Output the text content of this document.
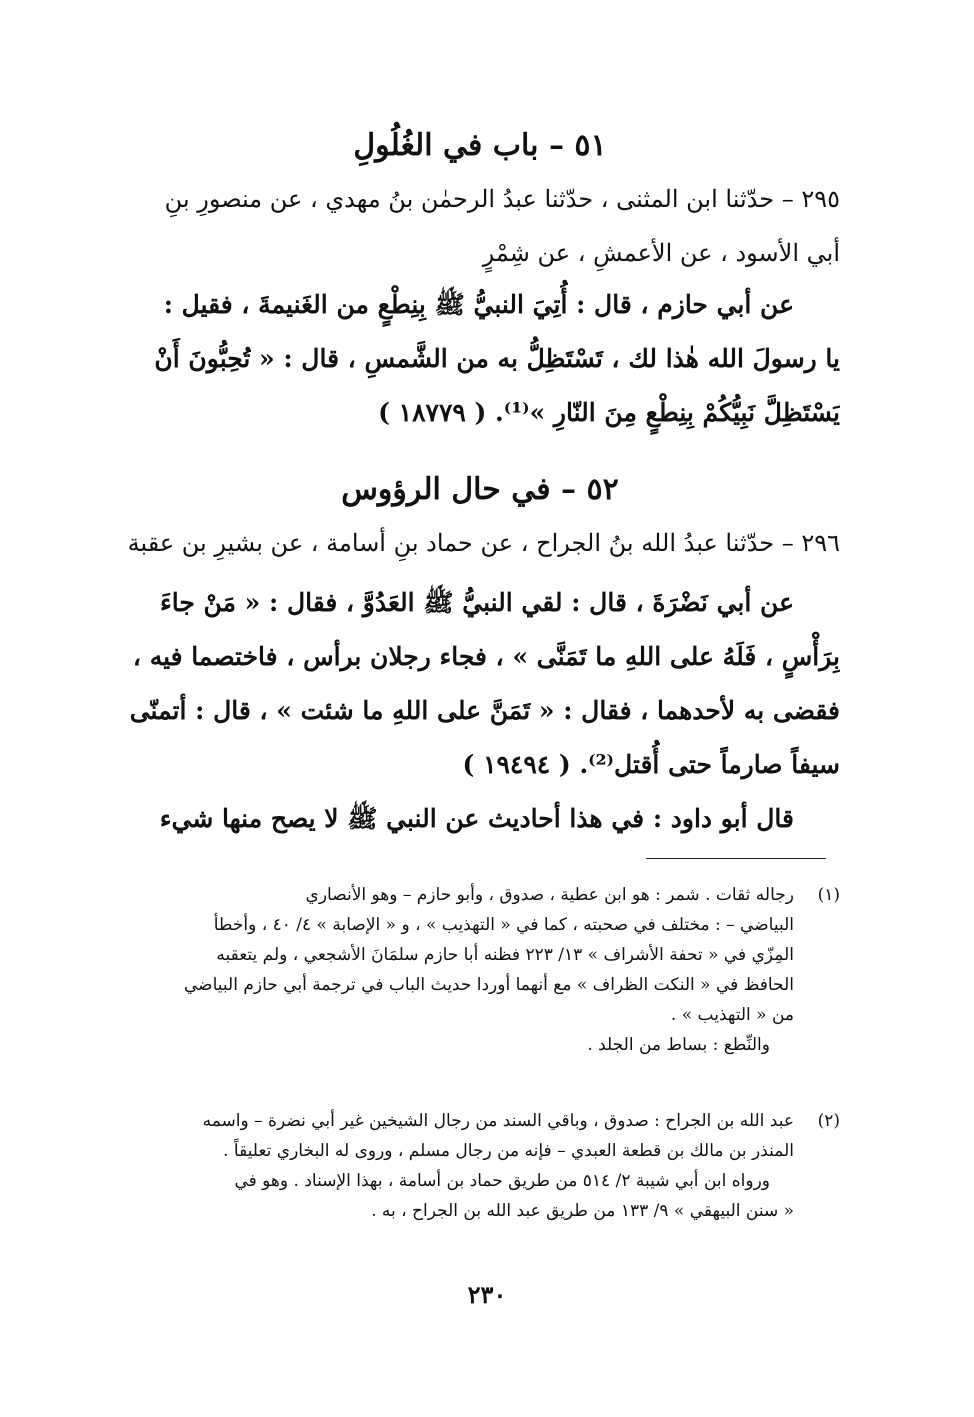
٥١ – باب في الغُلُولِ
٢٩٥ – حدّثنا ابن المثنى ، حدّثنا عبدُ الرحمٰن بنُ مهدي ، عن منصورِ بنِ
أبي الأسود ، عن الأعمشِ ، عن شِمْرٍ
عن أبي حازم ، قال : أُتِيَ النبيُّ ﷺ بِنِطْعٍ من الغَنيمةَ ، فقيل :
يا رسولَ الله هٰذا لك ، تَسْتَظِلُّ به من الشَّمسِ ، قال : « تُحِبُّونَ أَنْ
يَسْتَظِلَّ نَبِيُّكُمْ بِنِطْعٍ مِنَ النّارِ »⁽¹⁾. ( ١٨٧٧٩ )
٥٢ – في حال الرؤوس
٢٩٦ – حدّثنا عبدُ الله بنُ الجراح ، عن حماد بنِ أسامة ، عن بشيرِ بن عقبة
عن أبي نَضْرَةَ ، قال : لقي النبيُّ ﷺ العَدُوَّ ، فقال : « مَنْ جاءَ
بِرَأْسٍ ، فَلَهُ على اللهِ ما تَمَنَّى » ، فجاء رجلان برأس ، فاختصما فيه ،
فقضى به لأحدهما ، فقال : « تَمَنَّ على اللهِ ما شئت » ، قال : أتمنّى
سيفاً صارماً حتى أُقتل⁽²⁾. ( ١٩٤٩٤ )
قال أبو داود : في هذا أحاديث عن النبي ﷺ لا يصح منها شيء
(١)رجاله ثقات . شمر : هو ابن عطية ، صدوق ، وأبو حازم – وهو الأنصاري
البياضي – : مختلف في صحبته ، كما في « التهذيب » ، و « الإصابة » ٤/ ٤٠ ، وأخطأ
المِزّي في « تحفة الأشراف » ١٣/ ٢٢٣ فظنه أبا حازم سلمَانَ الأشجعي ، ولم يتعقبه
الحافظ في « النكت الظراف » مع أنهما أوردا حديث الباب في ترجمة أبي حازم البياضي
من « التهذيب » .
والنِّطع : بساط من الجلد .
(٢)عبد الله بن الجراح : صدوق ، وباقي السند من رجال الشيخين غير أبي نضرة – واسمه
المنذر بن مالك بن قطعة العبدي – فإنه من رجال مسلم ، وروى له البخاري تعليقاً .
ورواه ابن أبي شيبة ٢/ ٥١٤ من طريق حماد بن أسامة ، بهذا الإسناد . وهو في
« سنن البيهقي » ٩/ ١٣٣ من طريق عبد الله بن الجراح ، به .
٢٣٠
